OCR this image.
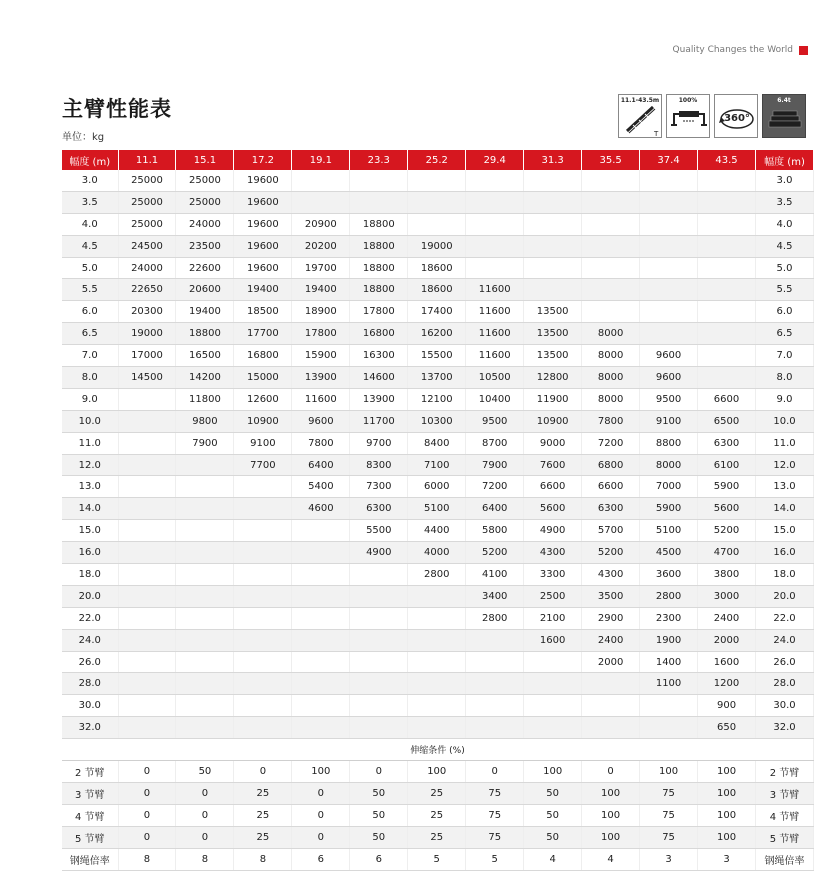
Quality Changes the World
主臂性能表
单位：kg
11.1-43.5m
T
100%
360°
6.4t
幅度 (m)	11.1	15.1	17.2	19.1	23.3	25.2	29.4	31.3	35.5	37.4	43.5	幅度 (m)
3.0	25000	25000	19600									3.0
3.5	25000	25000	19600									3.5
4.0	25000	24000	19600	20900	18800							4.0
4.5	24500	23500	19600	20200	18800	19000						4.5
5.0	24000	22600	19600	19700	18800	18600						5.0
5.5	22650	20600	19400	19400	18800	18600	11600					5.5
6.0	20300	19400	18500	18900	17800	17400	11600	13500				6.0
6.5	19000	18800	17700	17800	16800	16200	11600	13500	8000			6.5
7.0	17000	16500	16800	15900	16300	15500	11600	13500	8000	9600		7.0
8.0	14500	14200	15000	13900	14600	13700	10500	12800	8000	9600		8.0
9.0		11800	12600	11600	13900	12100	10400	11900	8000	9500	6600	9.0
10.0		9800	10900	9600	11700	10300	9500	10900	7800	9100	6500	10.0
11.0		7900	9100	7800	9700	8400	8700	9000	7200	8800	6300	11.0
12.0			7700	6400	8300	7100	7900	7600	6800	8000	6100	12.0
13.0				5400	7300	6000	7200	6600	6600	7000	5900	13.0
14.0				4600	6300	5100	6400	5600	6300	5900	5600	14.0
15.0					5500	4400	5800	4900	5700	5100	5200	15.0
16.0					4900	4000	5200	4300	5200	4500	4700	16.0
18.0						2800	4100	3300	4300	3600	3800	18.0
20.0							3400	2500	3500	2800	3000	20.0
22.0							2800	2100	2900	2300	2400	22.0
24.0								1600	2400	1900	2000	24.0
26.0									2000	1400	1600	26.0
28.0										1100	1200	28.0
30.0											900	30.0
32.0											650	32.0
伸缩条件 (%)												
2 节臂	0	50	0	100	0	100	0	100	0	100	100	2 节臂
3 节臂	0	0	25	0	50	25	75	50	100	75	100	3 节臂
4 节臂	0	0	25	0	50	25	75	50	100	75	100	4 节臂
5 节臂	0	0	25	0	50	25	75	50	100	75	100	5 节臂
钢绳倍率	8	8	8	6	6	5	5	4	4	3	3	钢绳倍率
